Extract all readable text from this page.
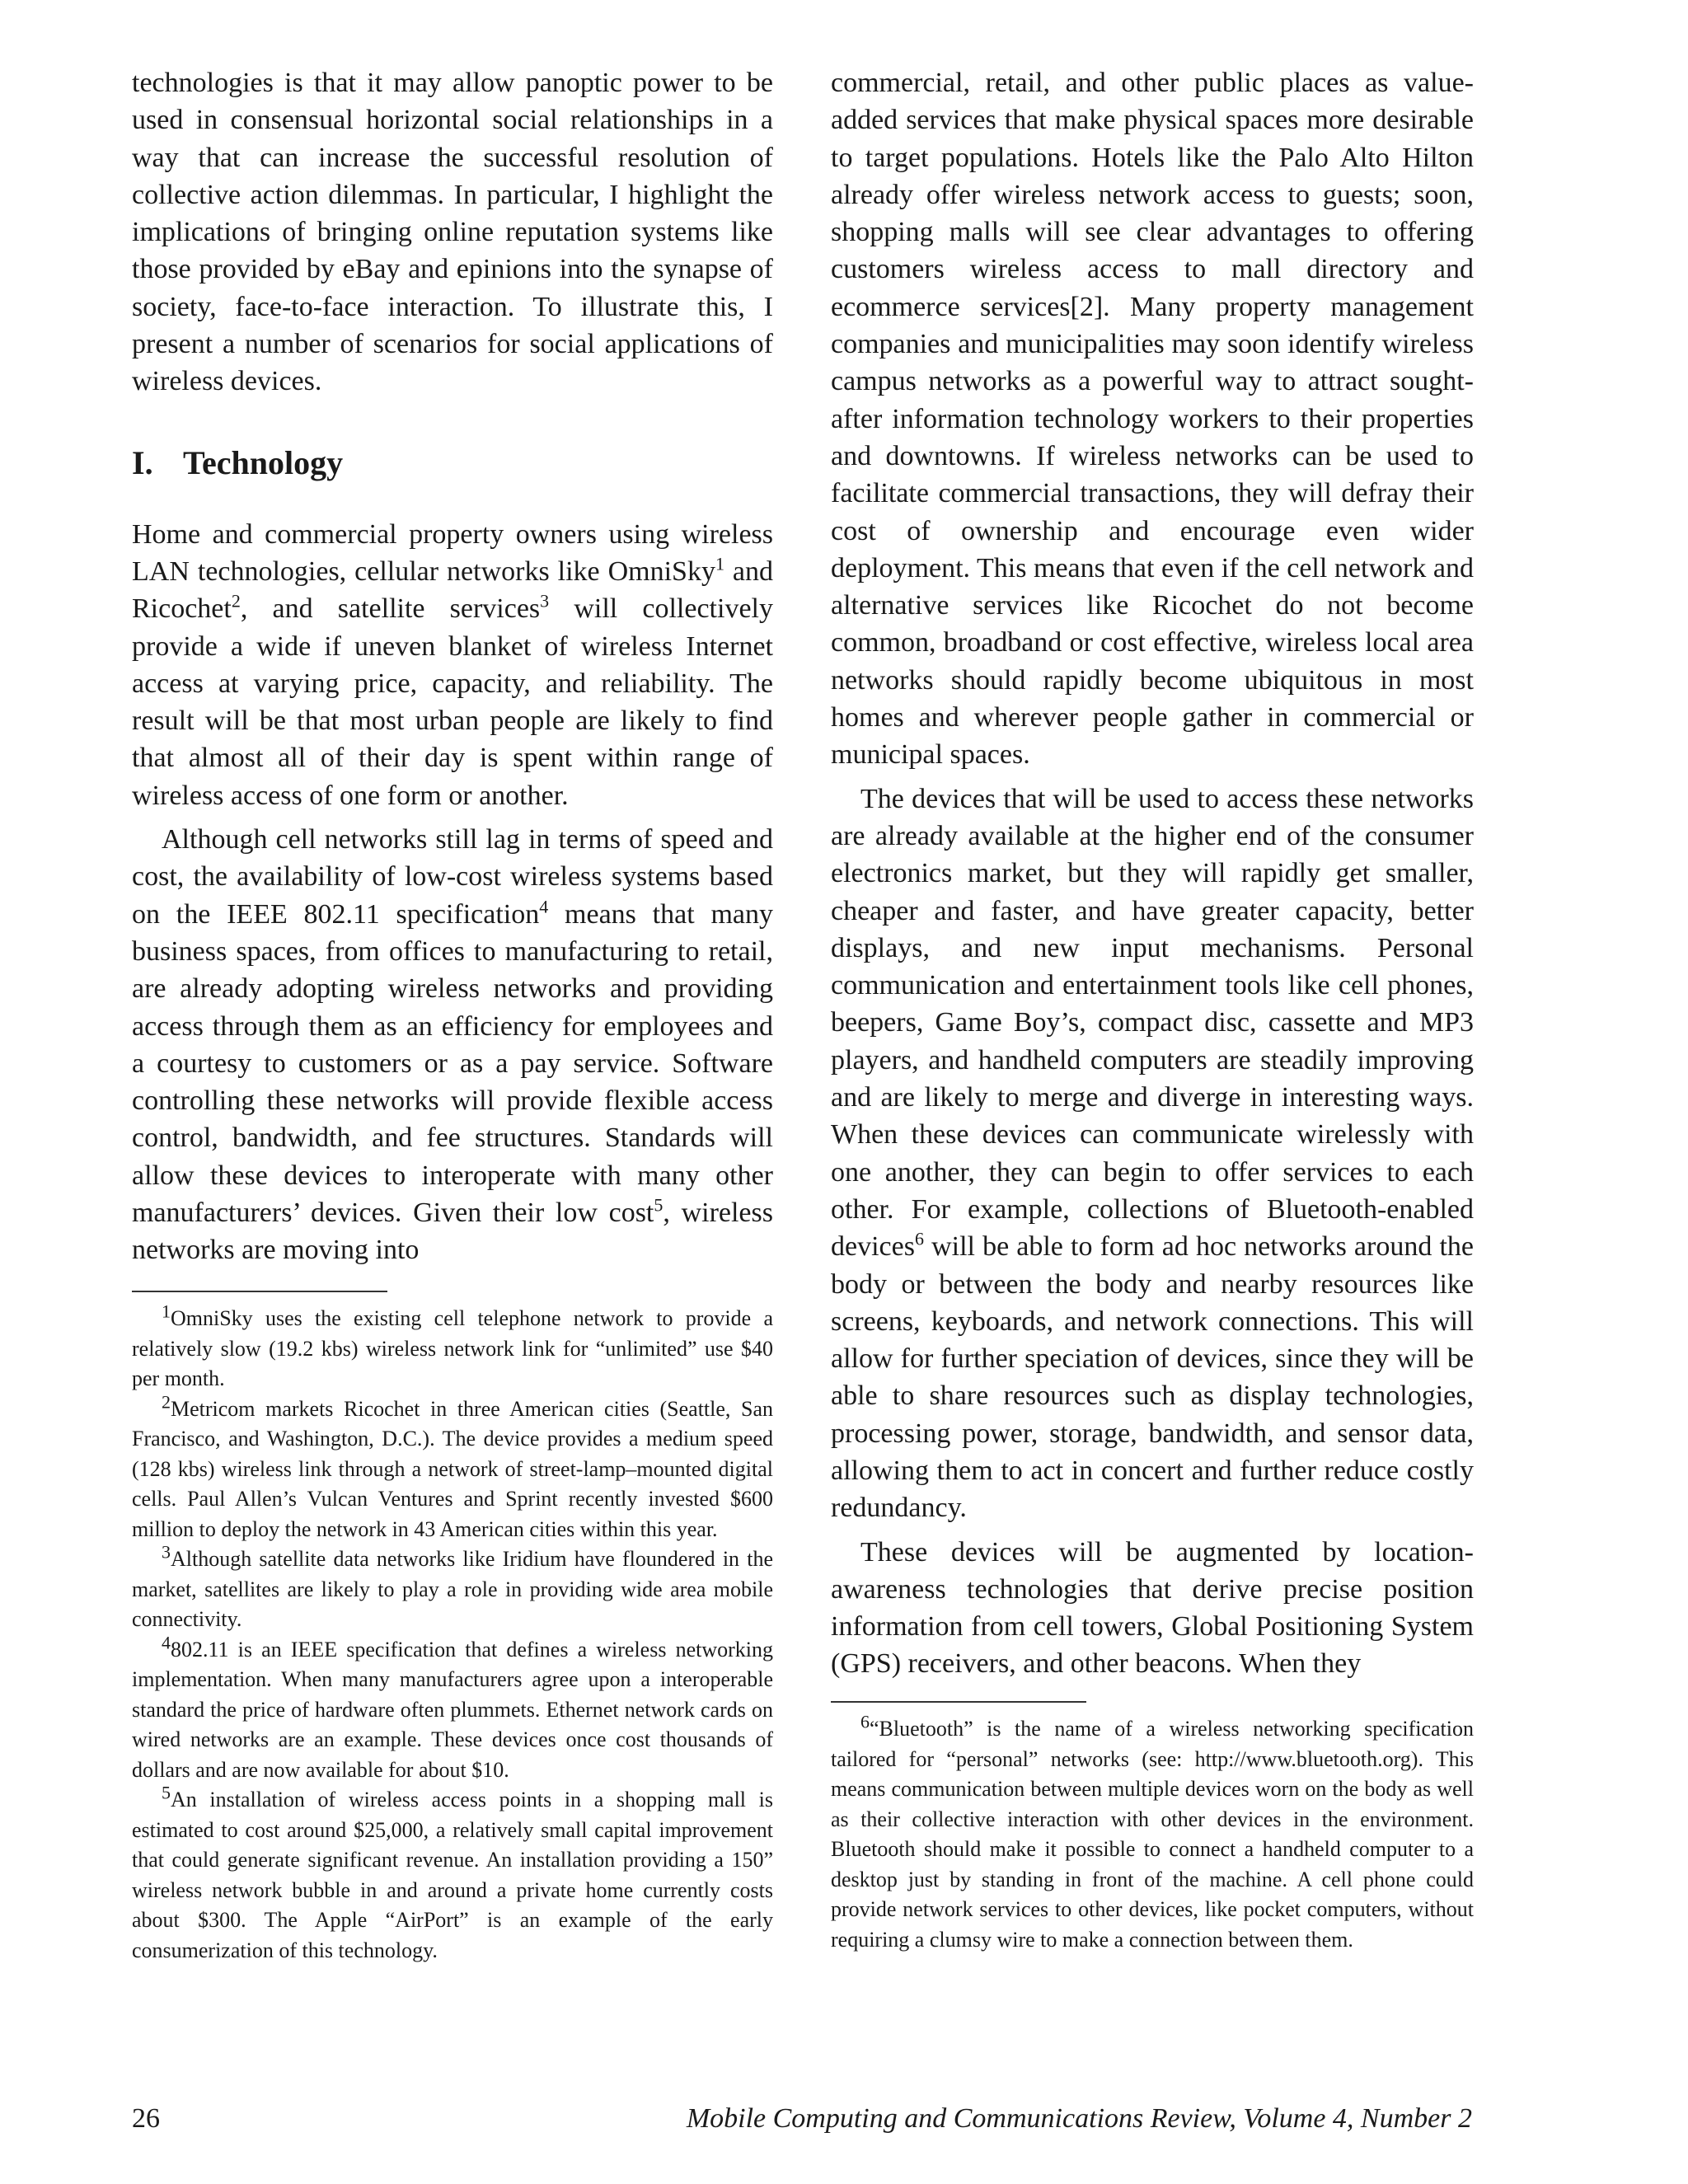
technologies is that it may allow panoptic power to be used in consensual horizontal social relationships in a way that can increase the successful resolution of collective action dilemmas. In particular, I highlight the implications of bringing online reputation systems like those provided by eBay and epinions into the synapse of society, face-to-face interaction. To illustrate this, I present a number of scenarios for social applications of wireless devices.

I. Technology

Home and commercial property owners using wireless LAN technologies, cellular networks like OmniSky$^1$ and Ricochet$^2$, and satellite services$^3$ will collectively provide a wide if uneven blanket of wireless Internet access at varying price, capacity, and reliability. The result will be that most urban people are likely to find that almost all of their day is spent within range of wireless access of one form or another.

Although cell networks still lag in terms of speed and cost, the availability of low-cost wireless systems based on the IEEE 802.11 specification$^4$ means that many business spaces, from offices to manufacturing to retail, are already adopting wireless networks and providing access through them as an efficiency for employees and a courtesy to customers or as a pay service. Software controlling these networks will provide flexible access control, bandwidth, and fee structures. Standards will allow these devices to interoperate with many other manufacturers’ devices. Given their low cost$^5$, wireless networks are moving into

$^1$OmniSky uses the existing cell telephone network to provide a relatively slow (19.2 kbs) wireless network link for “unlimited” use $40 per month.

$^2$Metricom markets Ricochet in three American cities (Seattle, San Francisco, and Washington, D.C.). The device provides a medium speed (128 kbs) wireless link through a network of street-lamp–mounted digital cells. Paul Allen’s Vulcan Ventures and Sprint recently invested $600 million to deploy the network in 43 American cities within this year.

$^3$Although satellite data networks like Iridium have floundered in the market, satellites are likely to play a role in providing wide area mobile connectivity.

$^4$802.11 is an IEEE specification that defines a wireless networking implementation. When many manufacturers agree upon a interoperable standard the price of hardware often plummets. Ethernet network cards on wired networks are an example. These devices once cost thousands of dollars and are now available for about $10.

$^5$An installation of wireless access points in a shopping mall is estimated to cost around $25,000, a relatively small capital improvement that could generate significant revenue. An installation providing a 150” wireless network bubble in and around a private home currently costs about $300. The Apple “AirPort” is an example of the early consumerization of this technology.

commercial, retail, and other public places as value-added services that make physical spaces more desirable to target populations. Hotels like the Palo Alto Hilton already offer wireless network access to guests; soon, shopping malls will see clear advantages to offering customers wireless access to mall directory and ecommerce services[2]. Many property management companies and municipalities may soon identify wireless campus networks as a powerful way to attract sought-after information technology workers to their properties and downtowns. If wireless networks can be used to facilitate commercial transactions, they will defray their cost of ownership and encourage even wider deployment. This means that even if the cell network and alternative services like Ricochet do not become common, broadband or cost effective, wireless local area networks should rapidly become ubiquitous in most homes and wherever people gather in commercial or municipal spaces.

The devices that will be used to access these networks are already available at the higher end of the consumer electronics market, but they will rapidly get smaller, cheaper and faster, and have greater capacity, better displays, and new input mechanisms. Personal communication and entertainment tools like cell phones, beepers, Game Boy’s, compact disc, cassette and MP3 players, and handheld computers are steadily improving and are likely to merge and diverge in interesting ways. When these devices can communicate wirelessly with one another, they can begin to offer services to each other. For example, collections of Bluetooth-enabled devices$^6$ will be able to form ad hoc networks around the body or between the body and nearby resources like screens, keyboards, and network connections. This will allow for further speciation of devices, since they will be able to share resources such as display technologies, processing power, storage, bandwidth, and sensor data, allowing them to act in concert and further reduce costly redundancy.

These devices will be augmented by location-awareness technologies that derive precise position information from cell towers, Global Positioning System (GPS) receivers, and other beacons. When they

$^6$“Bluetooth” is the name of a wireless networking specification tailored for “personal” networks (see: http://www.bluetooth.org). This means communication between multiple devices worn on the body as well as their collective interaction with other devices in the environment. Bluetooth should make it possible to connect a handheld computer to a desktop just by standing in front of the machine. A cell phone could provide network services to other devices, like pocket computers, without requiring a clumsy wire to make a connection between them.

26	Mobile Computing and Communications Review, Volume 4, Number 2
